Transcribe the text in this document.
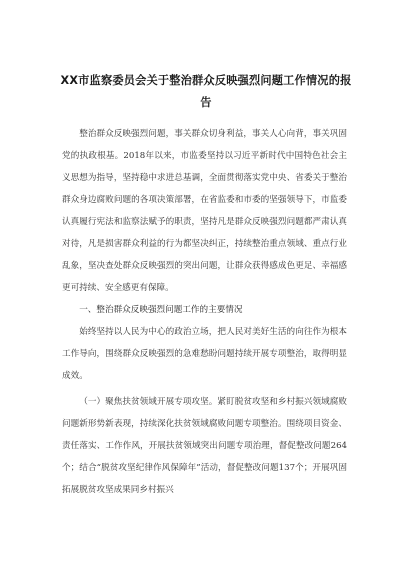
XX市监察委员会关于整治群众反映强烈问题工作情况的报告

整治群众反映强烈问题，事关群众切身利益，事关人心向背，事关巩固党的执政根基。2018年以来，市监委坚持以习近平新时代中国特色社会主义思想为指导，坚持稳中求进总基调，全面贯彻落实党中央、省委关于整治群众身边腐败问题的各项决策部署，在省监委和市委的坚强领导下，市监委认真履行宪法和监察法赋予的职责，坚持凡是群众反映强烈问题都严肃认真对待，凡是损害群众利益的行为都坚决纠正，持续整治重点领域、重点行业乱象，坚决查处群众反映强烈的突出问题，让群众获得感成色更足、幸福感更可持续、安全感更有保障。

一、整治群众反映强烈问题工作的主要情况

始终坚持以人民为中心的政治立场，把人民对美好生活的向往作为根本工作导向，围绕群众反映强烈的急难愁盼问题持续开展专项整治，取得明显成效。

（一）聚焦扶贫领域开展专项攻坚。紧盯脱贫攻坚和乡村振兴领域腐败问题新形势新表现，持续深化扶贫领域腐败问题专项整治。围绕项目资金、责任落实、工作作风，开展扶贫领域突出问题专项治理，督促整改问题264个；结合“脱贫攻坚纪律作风保障年”活动，督促整改问题137个；开展巩固拓展脱贫攻坚成果同乡村振兴
